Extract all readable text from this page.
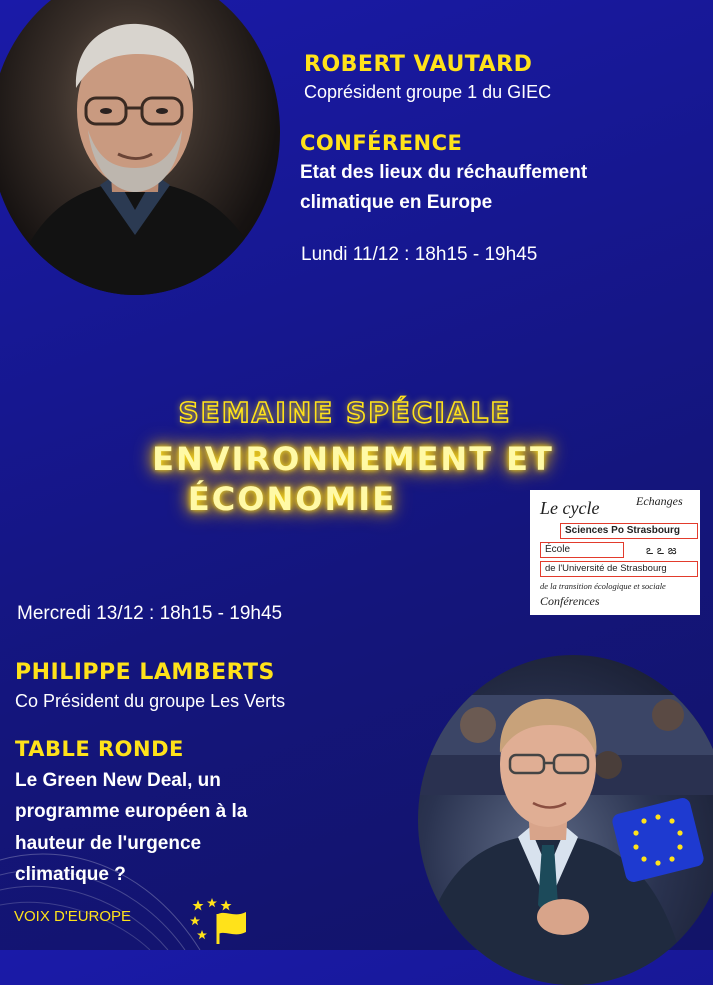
ROBERT VAUTARD
Coprésident groupe 1 du GIEC
CONFÉRENCE
Etat des lieux du réchauffement
climatique en Europe
Lundi 11/12 : 18h15 - 19h45
SEMAINE SPÉCIALE
ENVIRONNEMENT ET
ÉCONOMIE	Le cycle	Echanges
Sciences Po Strasbourg
École	ఽ ఽ జ
de l'Université de Strasbourg
de la transition écologique et sociale
Conférences
Mercredi 13/12 : 18h15 - 19h45
PHILIPPE LAMBERTS
Co Président du groupe Les Verts
TABLE RONDE
Le Green New Deal, un
programme européen à la
hauteur de l'urgence
climatique ?
VOIX D'EUROPE
